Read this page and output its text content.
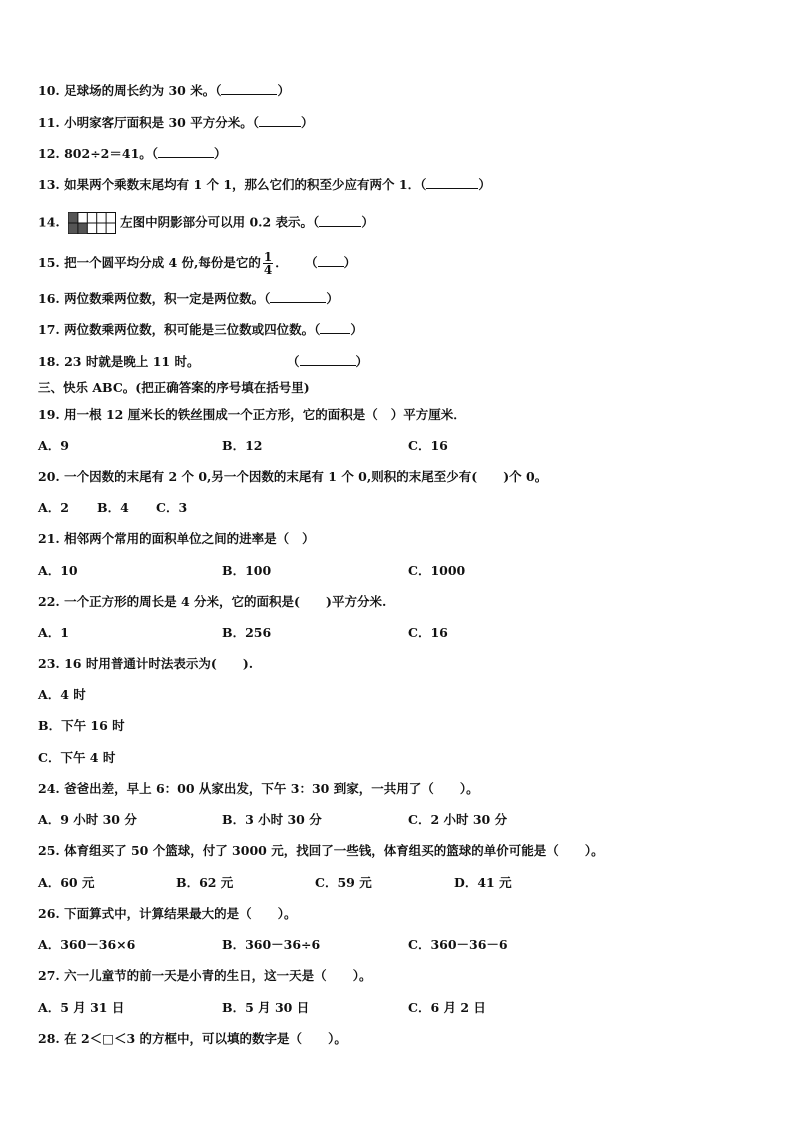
10. 足球场的周长约为 30 米。（	）
11. 小明家客厅面积是 30 平方分米。（	）
12. 802÷2＝41。（	）
13. 如果两个乘数末尾均有 1 个 1，那么它们的积至少应有两个 1．（	）
14.	左图中阴影部分可以用 0.2 表示。（	）
15. 把一个圆平均分成 4 份,每份是它的 $\frac{1}{4}$ ．    （ ）
16. 两位数乘两位数，积一定是两位数。（	）
17. 两位数乘两位数，积可能是三位数或四位数。（ ）
18. 23 时就是晚上 11 时。	（	）
三、快乐 ABC。(把正确答案的序号填在括号里)
19. 用一根 12 厘米长的铁丝围成一个正方形，它的面积是（   ）平方厘米．
A．9	B．12	C．16
20. 一个因数的末尾有 2 个 0,另一个因数的末尾有 1 个 0,则积的末尾至少有(      )个 0。
A．2 B．4 C．3
21. 相邻两个常用的面积单位之间的进率是（   ）
A．10	B．100	C．1000
22. 一个正方形的周长是 4 分米，它的面积是(      )平方分米.
A．1	B．256	C．16
23. 16 时用普通计时法表示为(      ).
A．4 时
B．下午 16 时
C．下午 4 时
24. 爸爸出差，早上 6：00 从家出发，下午 3：30 到家，一共用了（      ）。
A．9 小时 30 分	B．3 小时 30 分	C．2 小时 30 分
25. 体育组买了 50 个篮球，付了 3000 元，找回了一些钱，体育组买的篮球的单价可能是（      ）。
A．60 元	B．62 元	C．59 元	D．41 元
26. 下面算式中，计算结果最大的是（      ）。
A．360－36×6	B．360－36÷6	C．360－36－6
27. 六一儿童节的前一天是小青的生日，这一天是（      ）。
A．5 月 31 日	B．5 月 30 日	C．6 月 2 日
28. 在 2＜□＜3 的方框中，可以填的数字是（      ）。
